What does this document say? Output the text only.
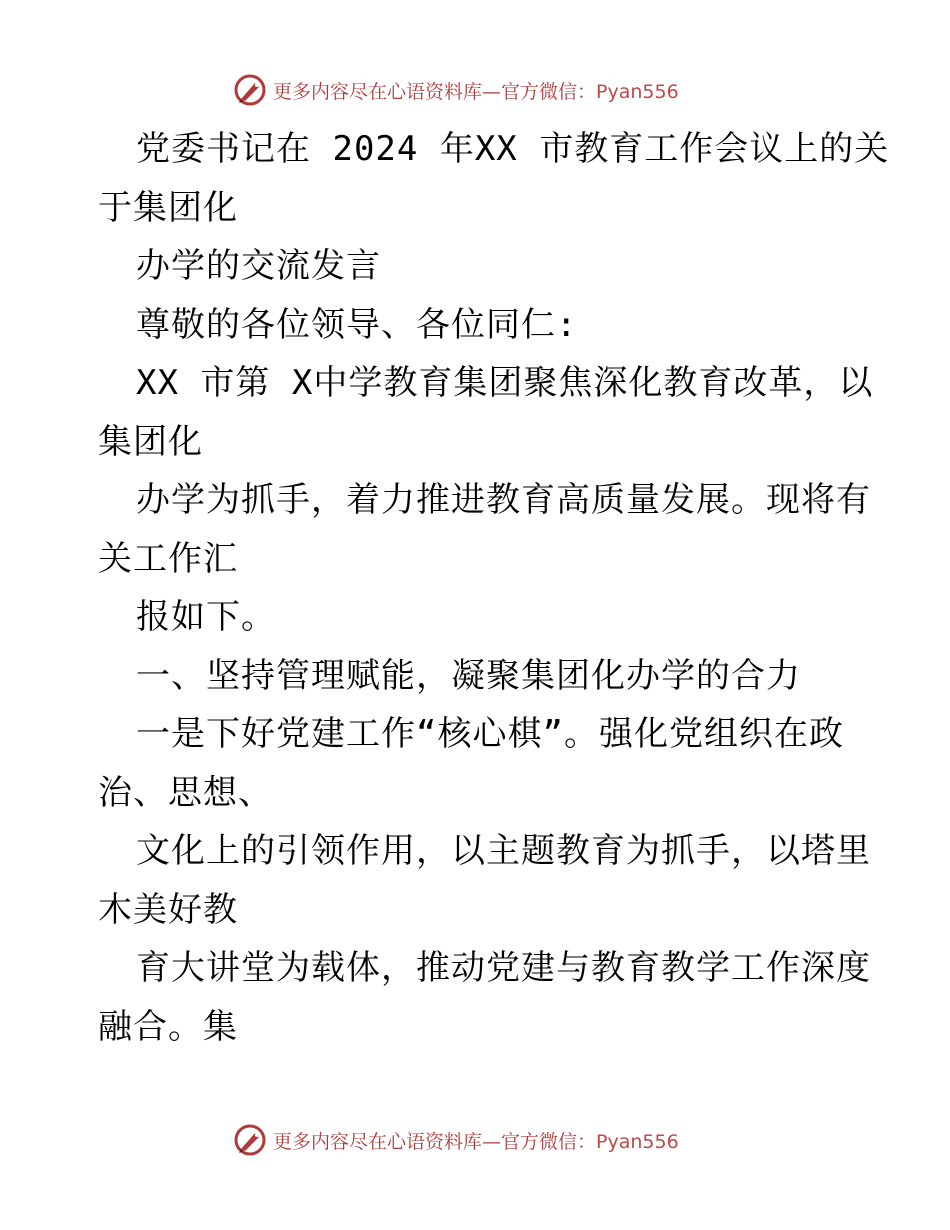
更多内容尽在心语资料库—官方微信：Pyan556
党委书记在 2024 年XX 市教育工作会议上的关
于集团化
办学的交流发言
尊敬的各位领导、各位同仁:
XX 市第 X中学教育集团聚焦深化教育改革，以
集团化
办学为抓手，着力推进教育高质量发展。现将有
关工作汇
报如下。
一、坚持管理赋能，凝聚集团化办学的合力
一是下好党建工作“核心棋”。强化党组织在政
治、思想、
文化上的引领作用，以主题教育为抓手，以塔里
木美好教
育大讲堂为载体，推动党建与教育教学工作深度
融合。集
更多内容尽在心语资料库—官方微信：Pyan556
